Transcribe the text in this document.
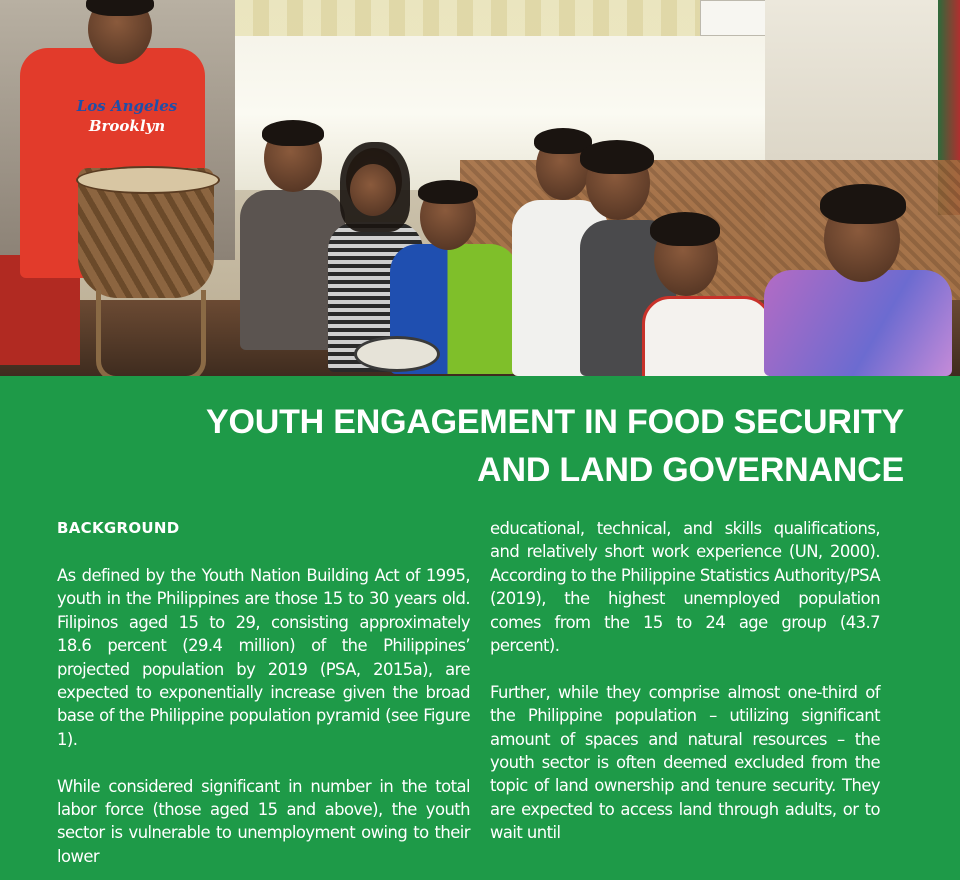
Los Angeles
Brooklyn
YOUTH ENGAGEMENT IN FOOD SECURITY
AND LAND GOVERNANCE
BACKGROUND

As defined by the Youth Nation Building Act of 1995, youth in the Philippines are those 15 to 30 years old. Filipinos aged 15 to 29, consisting approximately 18.6 percent (29.4 million) of the Philippines’ projected population by 2019 (PSA, 2015a), are expected to exponentially increase given the broad base of the Philippine population pyramid (see Figure 1).

While considered significant in number in the total labor force (those aged 15 and above), the youth sector is vulnerable to unemployment owing to their lower

educational, technical, and skills qualifications, and relatively short work experience (UN, 2000). According to the Philippine Statistics Authority/PSA (2019), the highest unemployed population comes from the 15 to 24 age group (43.7 percent).

Further, while they comprise almost one-third of the Philippine population – utilizing significant amount of spaces and natural resources – the youth sector is often deemed excluded from the topic of land ownership and tenure security. They are expected to access land through adults, or to wait until
